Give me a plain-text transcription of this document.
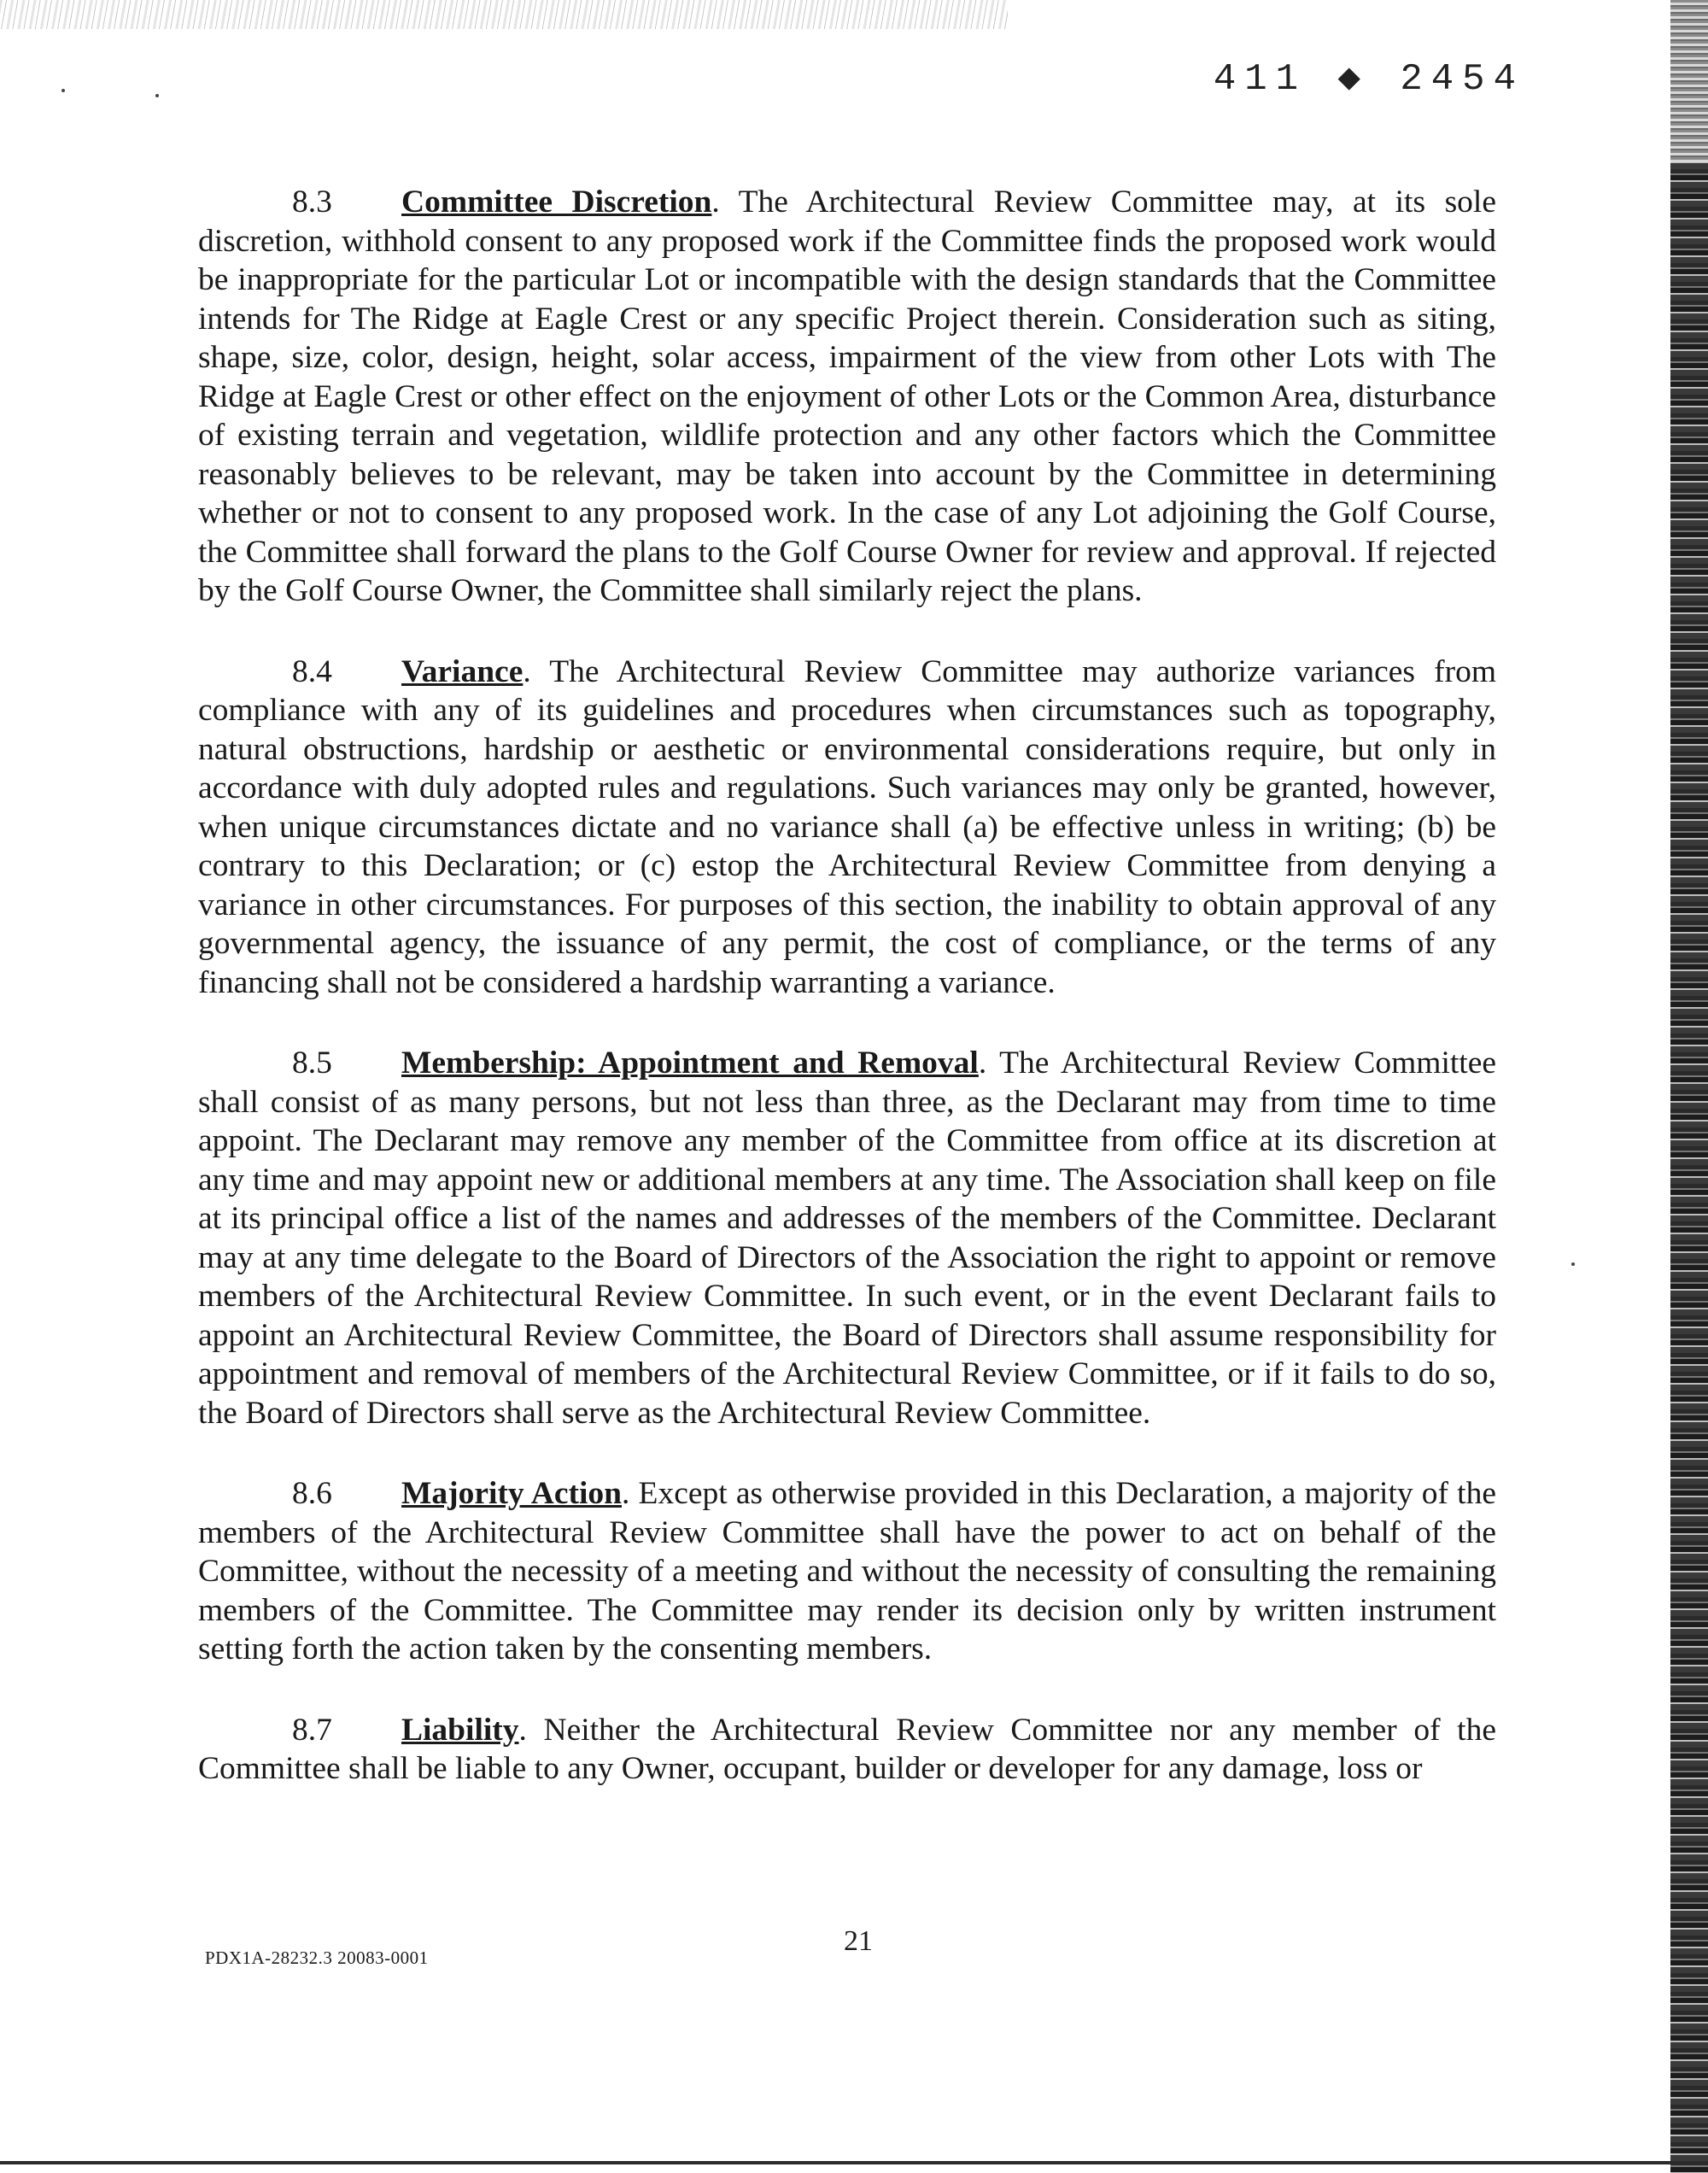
411 ◆ 2454

8.3 Committee Discretion. The Architectural Review Committee may, at its sole discretion, withhold consent to any proposed work if the Committee finds the proposed work would be inappropriate for the particular Lot or incompatible with the design standards that the Committee intends for The Ridge at Eagle Crest or any specific Project therein. Consideration such as siting, shape, size, color, design, height, solar access, impairment of the view from other Lots with The Ridge at Eagle Crest or other effect on the enjoyment of other Lots or the Common Area, disturbance of existing terrain and vegetation, wildlife protection and any other factors which the Committee reasonably believes to be relevant, may be taken into account by the Committee in determining whether or not to consent to any proposed work. In the case of any Lot adjoining the Golf Course, the Committee shall forward the plans to the Golf Course Owner for review and approval. If rejected by the Golf Course Owner, the Committee shall similarly reject the plans.

8.4 Variance. The Architectural Review Committee may authorize variances from compliance with any of its guidelines and procedures when circumstances such as topography, natural obstructions, hardship or aesthetic or environmental considerations require, but only in accordance with duly adopted rules and regulations. Such variances may only be granted, however, when unique circumstances dictate and no variance shall (a) be effective unless in writing; (b) be contrary to this Declaration; or (c) estop the Architectural Review Committee from denying a variance in other circumstances. For purposes of this section, the inability to obtain approval of any governmental agency, the issuance of any permit, the cost of compliance, or the terms of any financing shall not be considered a hardship warranting a variance.

8.5 Membership: Appointment and Removal. The Architectural Review Committee shall consist of as many persons, but not less than three, as the Declarant may from time to time appoint. The Declarant may remove any member of the Committee from office at its discretion at any time and may appoint new or additional members at any time. The Association shall keep on file at its principal office a list of the names and addresses of the members of the Committee. Declarant may at any time delegate to the Board of Directors of the Association the right to appoint or remove members of the Architectural Review Committee. In such event, or in the event Declarant fails to appoint an Architectural Review Committee, the Board of Directors shall assume responsibility for appointment and removal of members of the Architectural Review Committee, or if it fails to do so, the Board of Directors shall serve as the Architectural Review Committee.

8.6 Majority Action. Except as otherwise provided in this Declaration, a majority of the members of the Architectural Review Committee shall have the power to act on behalf of the Committee, without the necessity of a meeting and without the necessity of consulting the remaining members of the Committee. The Committee may render its decision only by written instrument setting forth the action taken by the consenting members.

8.7 Liability. Neither the Architectural Review Committee nor any member of the Committee shall be liable to any Owner, occupant, builder or developer for any damage, loss or

PDX1A-28232.3 20083-0001
21
